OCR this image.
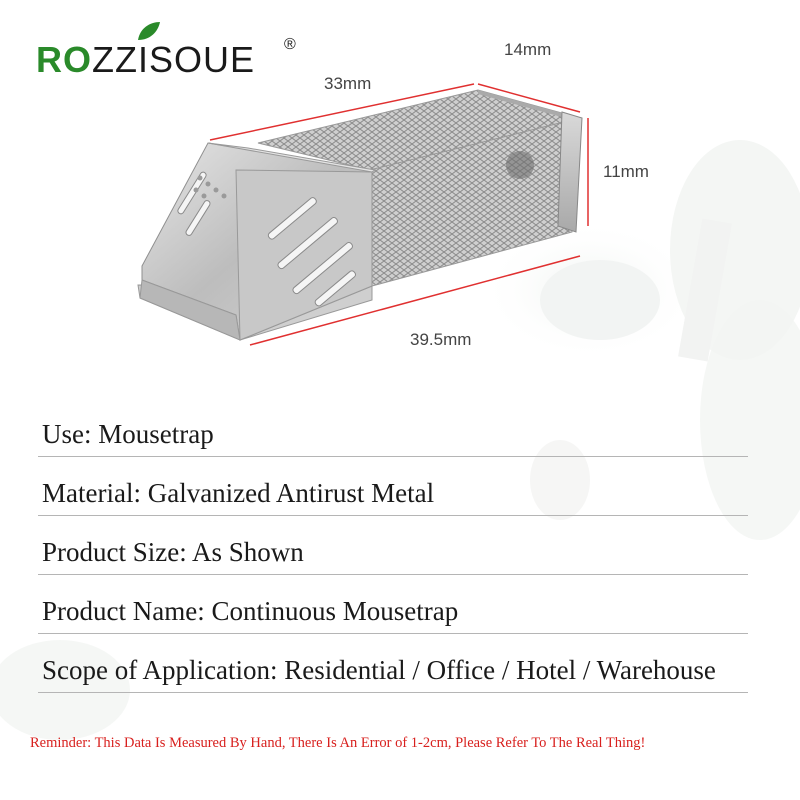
ROZZISOUE ®	14mm
33mm
11mm
39.5mm
Use: Mousetrap
Material: Galvanized Antirust Metal
Product Size: As Shown
Product Name: Continuous Mousetrap
Scope of Application: Residential / Office / Hotel / Warehouse
Reminder: This Data Is Measured By Hand, There Is An Error of 1-2cm, Please Refer To The Real Thing!
